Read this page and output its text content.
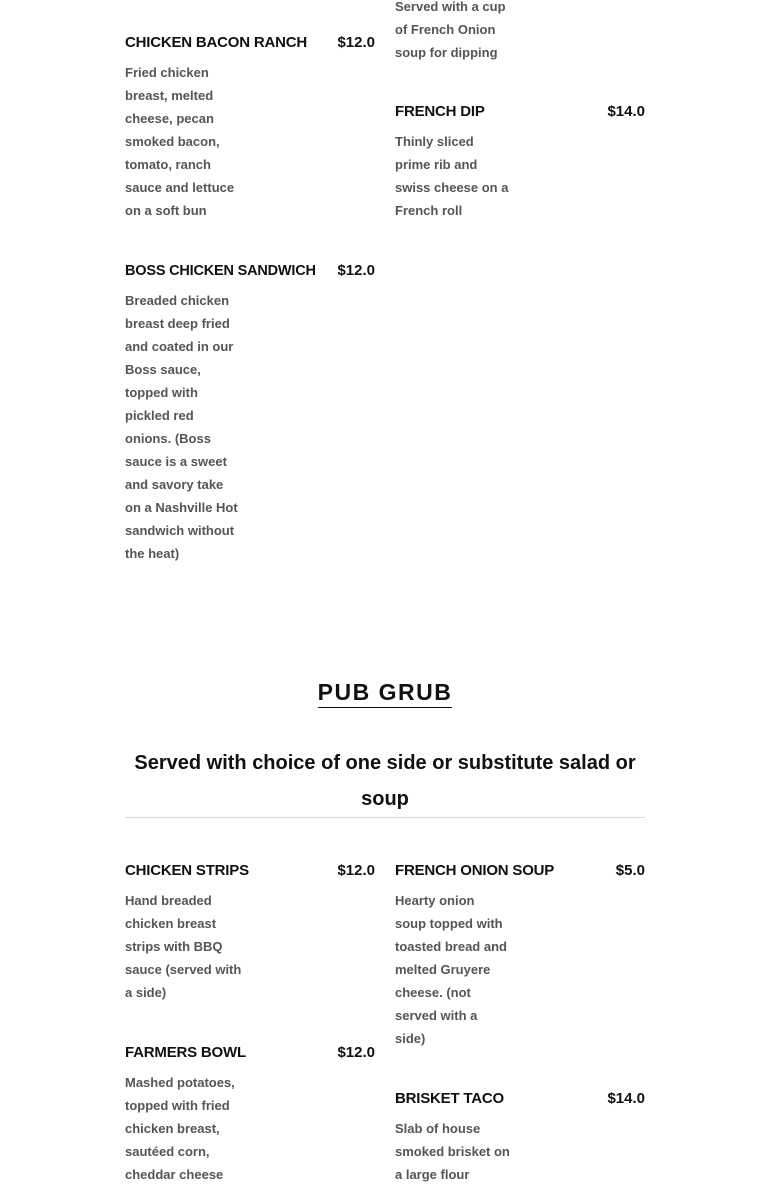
Served with a cup
of French Onion
soup for dipping
CHICKEN BACON RANCH $12.0
Fried chicken
breast, melted
cheese, pecan
smoked bacon,
tomato, ranch
sauce and lettuce
on a soft bun
FRENCH DIP	$14.0
Thinly sliced
prime rib and
swiss cheese on a
French roll
BOSS CHICKEN SANDWICH $12.0
Breaded chicken
breast deep fried
and coated in our
Boss sauce,
topped with
pickled red
onions. (Boss
sauce is a sweet
and savory take
on a Nashville Hot
sandwich without
the heat)
PUB GRUB
Served with choice of one side or substitute salad or soup
CHICKEN STRIPS	$12.0
Hand breaded
chicken breast
strips with BBQ
sauce (served with
a side)
FRENCH ONION SOUP	$5.0
Hearty onion
soup topped with
toasted bread and
melted Gruyere
cheese. (not
served with a
side)
FARMERS BOWL	$12.0
Mashed potatoes,
topped with fried
chicken breast,
sautéed corn,
cheddar cheese
BRISKET TACO	$14.0
Slab of house
smoked brisket on
a large flour
